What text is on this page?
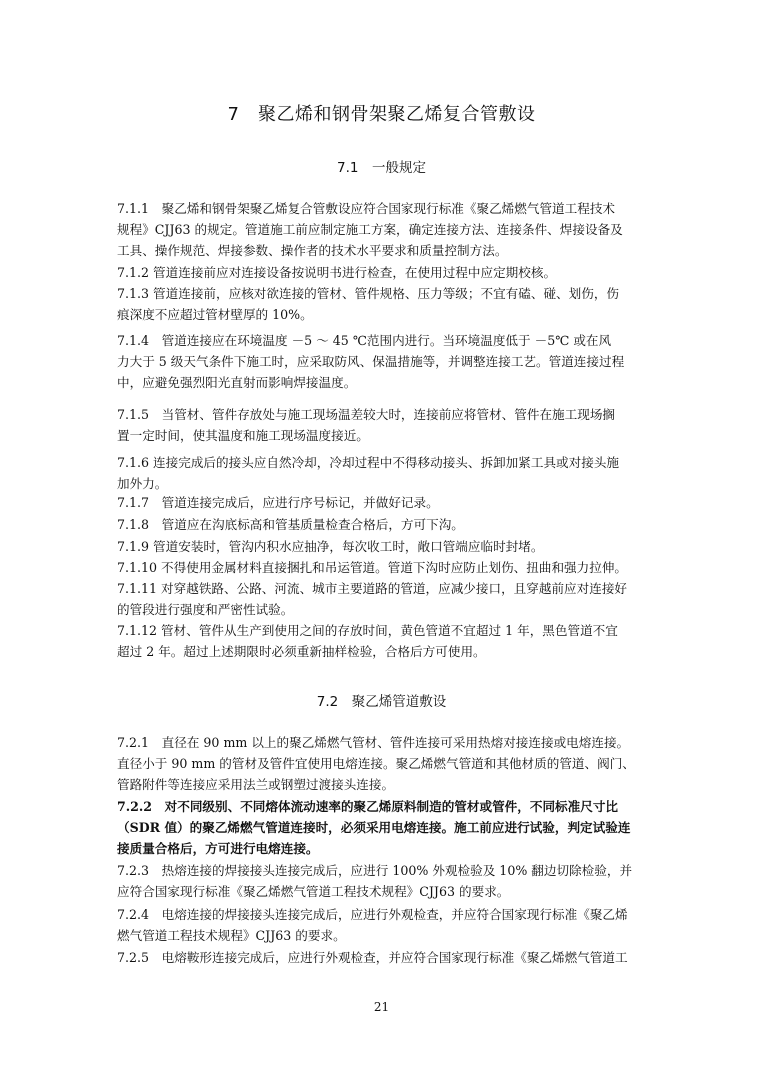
7　聚乙烯和钢骨架聚乙烯复合管敷设
7.1　一般规定
7.1.1　聚乙烯和钢骨架聚乙烯复合管敷设应符合国家现行标准《聚乙烯燃气管道工程技术
规程》CJJ63 的规定。管道施工前应制定施工方案，确定连接方法、连接条件、焊接设备及
工具、操作规范、焊接参数、操作者的技术水平要求和质量控制方法。
7.1.2 管道连接前应对连接设备按说明书进行检查，在使用过程中应定期校核。
7.1.3 管道连接前，应核对欲连接的管材、管件规格、压力等级；不宜有磕、碰、划伤，伤
痕深度不应超过管材壁厚的 10%。
7.1.4　管道连接应在环境温度 －5 ～ 45 ℃范围内进行。当环境温度低于 －5℃ 或在风
力大于 5 级天气条件下施工时，应采取防风、保温措施等，并调整连接工艺。管道连接过程
中，应避免强烈阳光直射而影响焊接温度。
7.1.5　当管材、管件存放处与施工现场温差较大时，连接前应将管材、管件在施工现场搁
置一定时间，使其温度和施工现场温度接近。
7.1.6 连接完成后的接头应自然冷却，冷却过程中不得移动接头、拆卸加紧工具或对接头施
加外力。
7.1.7　管道连接完成后，应进行序号标记，并做好记录。
7.1.8　管道应在沟底标高和管基质量检查合格后，方可下沟。
7.1.9 管道安装时，管沟内积水应抽净，每次收工时，敞口管端应临时封堵。
7.1.10 不得使用金属材料直接捆扎和吊运管道。管道下沟时应防止划伤、扭曲和强力拉伸。
7.1.11 对穿越铁路、公路、河流、城市主要道路的管道，应减少接口，且穿越前应对连接好
的管段进行强度和严密性试验。
7.1.12 管材、管件从生产到使用之间的存放时间，黄色管道不宜超过 1 年，黑色管道不宜
超过 2 年。超过上述期限时必须重新抽样检验，合格后方可使用。
7.2　聚乙烯管道敷设
7.2.1　直径在 90 mm 以上的聚乙烯燃气管材、管件连接可采用热熔对接连接或电熔连接。
直径小于 90 mm 的管材及管件宜使用电熔连接。聚乙烯燃气管道和其他材质的管道、阀门、
管路附件等连接应采用法兰或钢塑过渡接头连接。
7.2.2　对不同级别、不同熔体流动速率的聚乙烯原料制造的管材或管件，不同标准尺寸比
（SDR 值）的聚乙烯燃气管道连接时，必须采用电熔连接。施工前应进行试验，判定试验连
接质量合格后，方可进行电熔连接。
7.2.3　热熔连接的焊接接头连接完成后，应进行 100% 外观检验及 10% 翻边切除检验，并
应符合国家现行标准《聚乙烯燃气管道工程技术规程》CJJ63 的要求。
7.2.4　电熔连接的焊接接头连接完成后，应进行外观检查，并应符合国家现行标准《聚乙烯
燃气管道工程技术规程》CJJ63 的要求。
7.2.5　电熔鞍形连接完成后，应进行外观检查，并应符合国家现行标准《聚乙烯燃气管道工
21
